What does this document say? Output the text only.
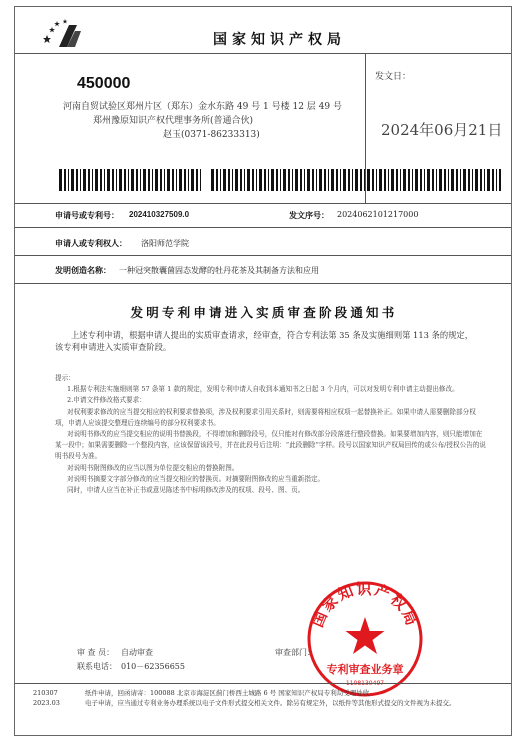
国家知识产权局
450000
河南自贸试验区郑州片区（郑东）金水东路 49 号 1 号楼 12 层 49 号
郑州豫原知识产权代理事务所(普通合伙)
赵玉(0371-86233313)
发文日：
2024年06月21日
申请号或专利号： 202410327509.0	发文序号： 2024062101217000
申请人或专利权人： 洛阳师范学院
发明创造名称： 一种冠突散囊菌固态发酵的牡丹花茶及其制备方法和应用
发明专利申请进入实质审查阶段通知书

上述专利申请，根据申请人提出的实质审查请求，经审查，符合专利法第 35 条及实施细则第 113 条的规定，该专利申请进入实质审查阶段。

提示：

1.根据专利法实施细则第 57 条第 1 款的规定，发明专利申请人自收到本通知书之日起 3 个月内，可以对发明专利申请主动提出修改。

2.申请文件修改格式要求：

对权利要求修改的应当提交相应的权利要求替换项，涉及权利要求引用关系时，则需要将相应权项一起替换补正。如果申请人需要删除部分权项，申请人应该提交整理后连续编号的部分权利要求书。

对说明书修改的应当提交相应的说明书替换段，不得增加和删除段号，仅只能对有修改部分段落进行整段替换。如果要增加内容，则只能增加在某一段中；如果需要删除一个整段内容，应该保留该段号，并在此段号后注明：“此段删除”字样。段号以国家知识产权局回传的或公布/授权公告的说明书段号为准。

对说明书附图修改的应当以图为单位提交相应的替换附图。

对说明书摘要文字部分修改的应当提交相应的替换页。对摘要附图修改的应当重新指定。

同时，申请人应当在补正书或意见陈述书中标明修改涉及的权项、段号、图、页。

审 查 员： 自动审查
联系电话： 010－62356655
审查部门：
国家知识产权局
专利审查业务章
1108130497
210307
2023.03
纸件申请，回函请寄：100088 北京市海淀区蓟门桥西土城路 6 号 国家知识产权局专利局受理处收
电子申请，应当通过专利业务办理系统以电子文件形式提交相关文件。除另有规定外，以纸件等其他形式提交的文件视为未提交。
